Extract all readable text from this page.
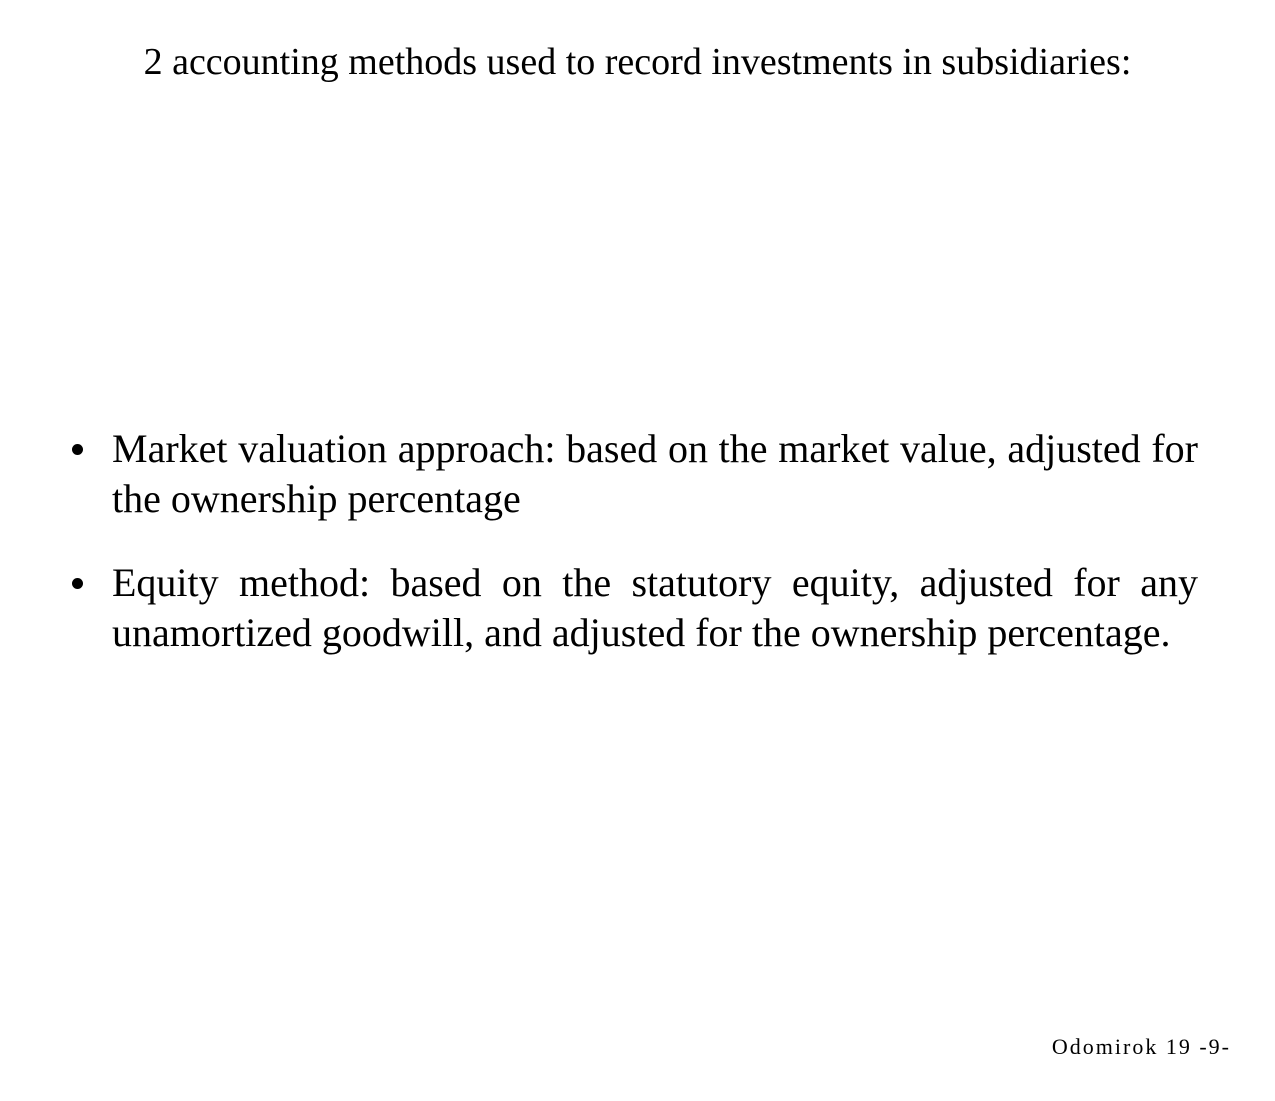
2 accounting methods used to record investments in subsidiaries:
Market valuation approach: based on the market value, adjusted for the ownership percentage
Equity method: based on the statutory equity, adjusted for any unamortized goodwill, and adjusted for the ownership percentage.
Odomirok 19 -9-
